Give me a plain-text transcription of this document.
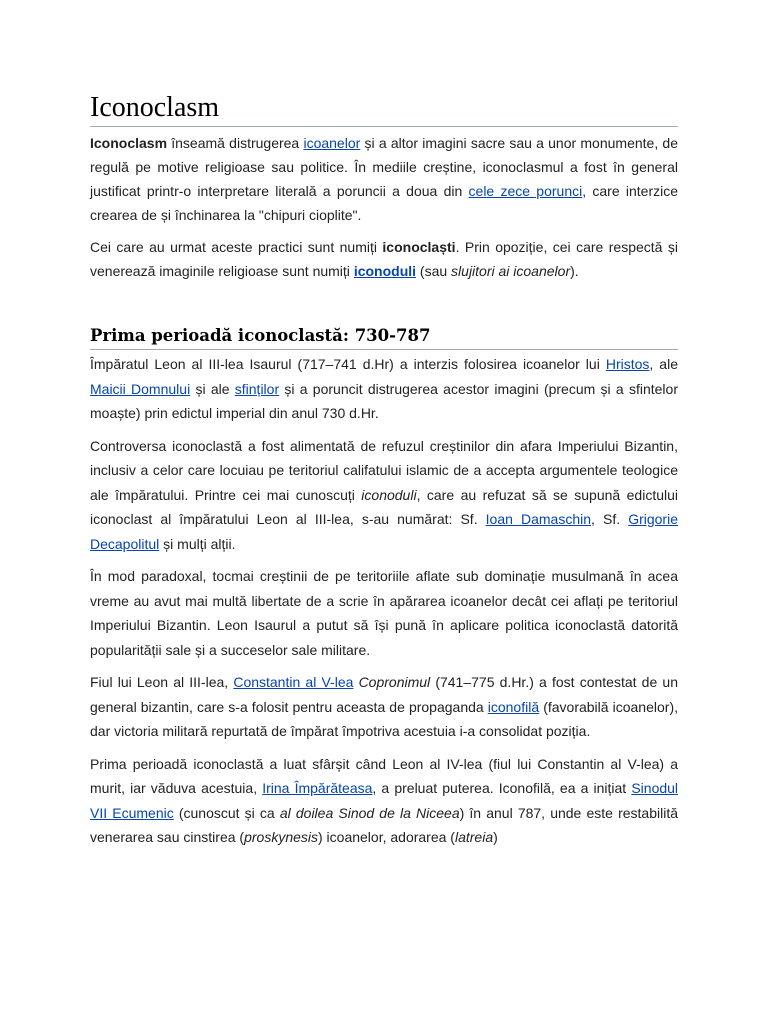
Iconoclasm

Iconoclasm înseamă distrugerea icoanelor și a altor imagini sacre sau a unor monumente, de regulă pe motive religioase sau politice. În mediile creștine, iconoclasmul a fost în general justificat printr-o interpretare literală a poruncii a doua din cele zece porunci, care interzice crearea de și închinarea la "chipuri cioplite".

Cei care au urmat aceste practici sunt numiți iconoclaști. Prin opoziție, cei care respectă și venerează imaginile religioase sunt numiți iconoduli (sau slujitori ai icoanelor).

Prima perioadă iconoclastă: 730-787

Împăratul Leon al III-lea Isaurul (717–741 d.Hr) a interzis folosirea icoanelor lui Hristos, ale Maicii Domnului și ale sfinților și a poruncit distrugerea acestor imagini (precum și a sfintelor moaște) prin edictul imperial din anul 730 d.Hr.

Controversa iconoclastă a fost alimentată de refuzul creștinilor din afara Imperiului Bizantin, inclusiv a celor care locuiau pe teritoriul califatului islamic de a accepta argumentele teologice ale împăratului. Printre cei mai cunoscuți iconoduli, care au refuzat să se supună edictului iconoclast al împăratului Leon al III-lea, s-au numărat: Sf. Ioan Damaschin, Sf. Grigorie Decapolitul și mulți alții.

În mod paradoxal, tocmai creștinii de pe teritoriile aflate sub dominație musulmană în acea vreme au avut mai multă libertate de a scrie în apărarea icoanelor decât cei aflați pe teritoriul Imperiului Bizantin. Leon Isaurul a putut să își pună în aplicare politica iconoclastă datorită popularității sale și a succeselor sale militare.

Fiul lui Leon al III-lea, Constantin al V-lea Copronimul (741–775 d.Hr.) a fost contestat de un general bizantin, care s-a folosit pentru aceasta de propaganda iconofilă (favorabilă icoanelor), dar victoria militară repurtată de împărat împotriva acestuia i-a consolidat poziția.

Prima perioadă iconoclastă a luat sfârșit când Leon al IV-lea (fiul lui Constantin al V-lea) a murit, iar văduva acestuia, Irina Împărăteasa, a preluat puterea. Iconofilă, ea a inițiat Sinodul VII Ecumenic (cunoscut și ca al doilea Sinod de la Niceea) în anul 787, unde este restabilită venerarea sau cinstirea (proskynesis) icoanelor, adorarea (latreia)
